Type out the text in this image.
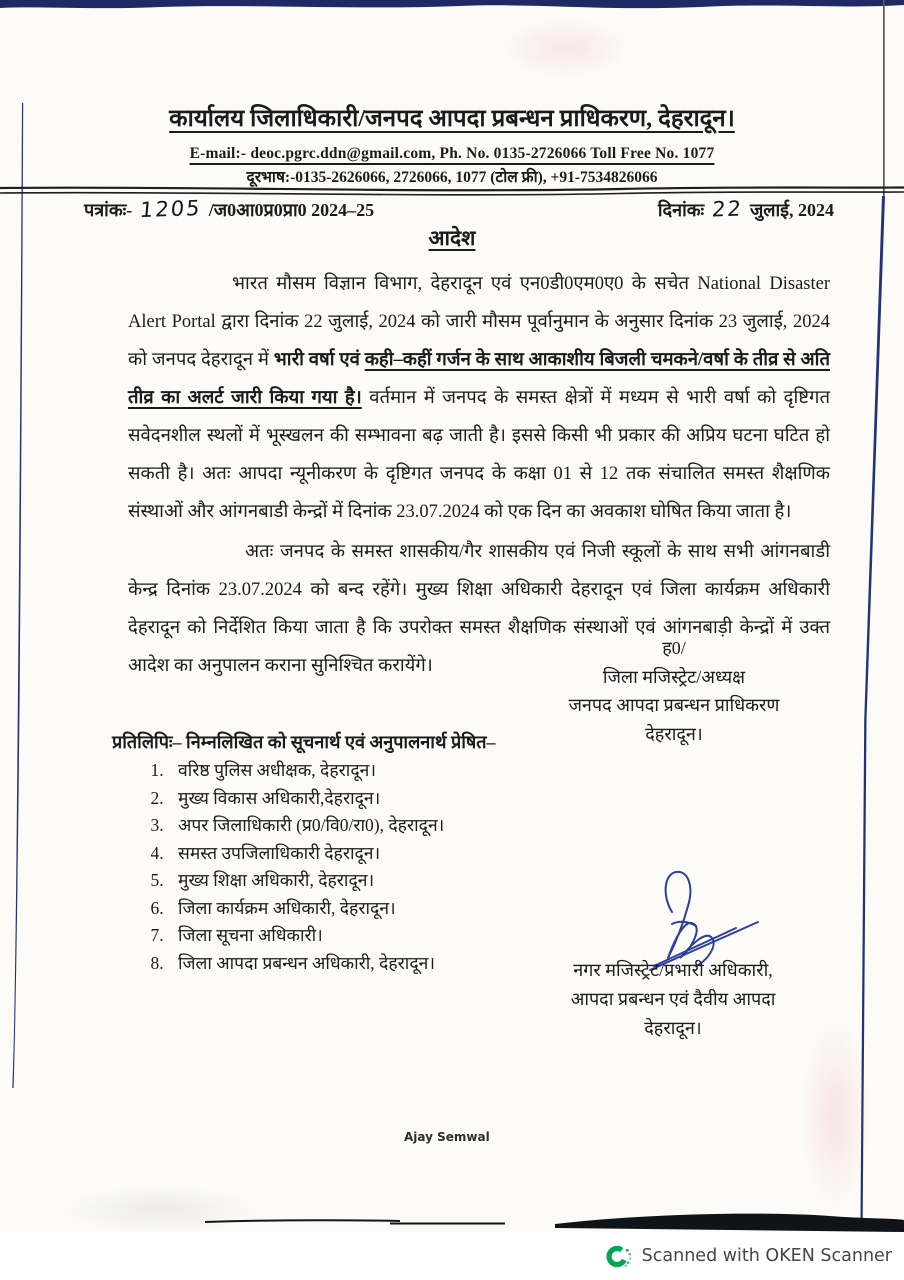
कार्यालय जिलाधिकारी/जनपद आपदा प्रबन्धन प्राधिकरण, देहरादून।
E-mail:- deoc.pgrc.ddn@gmail.com, Ph. No. 0135-2726066 Toll Free No. 1077
दूरभाष:-0135-2626066, 2726066, 1077 (टोल फ्री), +91-7534826066
पत्रांकः- 1205 /ज0आ0प्र0प्रा0 2024–25	दिनांकः 22 जुलाई, 2024
आदेश

भारत मौसम विज्ञान विभाग, देहरादून एवं एन0डी0एम0ए0 के सचेत National Disaster Alert Portal द्वारा दिनांक 22 जुलाई, 2024 को जारी मौसम पूर्वानुमान के अनुसार दिनांक 23 जुलाई, 2024 को जनपद देहरादून में भारी वर्षा एवं कही–कहीं गर्जन के साथ आकाशीय बिजली चमकने/वर्षा के तीव्र से अति तीव्र का अलर्ट जारी किया गया है। वर्तमान में जनपद के समस्त क्षेत्रों में मध्यम से भारी वर्षा को दृष्टिगत सवेदनशील स्थलों में भूस्खलन की सम्भावना बढ़ जाती है। इससे किसी भी प्रकार की अप्रिय घटना घटित हो सकती है। अतः आपदा न्यूनीकरण के दृष्टिगत जनपद के कक्षा 01 से 12 तक संचालित समस्त शैक्षणिक संस्थाओं और आंगनबाडी केन्द्रों में दिनांक 23.07.2024 को एक दिन का अवकाश घोषित किया जाता है।

अतः जनपद के समस्त शासकीय/गैर शासकीय एवं निजी स्कूलों के साथ सभी आंगनबाडी केन्द्र दिनांक 23.07.2024 को बन्द रहेंगे। मुख्य शिक्षा अधिकारी देहरादून एवं जिला कार्यक्रम अधिकारी देहरादून को निर्देशित किया जाता है कि उपरोक्त समस्त शैक्षणिक संस्थाओं एवं आंगनबाड़ी केन्द्रों में उक्त आदेश का अनुपालन कराना सुनिश्चित करायेंगे।

ह0/
जिला मजिस्ट्रेट/अध्यक्ष
जनपद आपदा प्रबन्धन प्राधिकरण
देहरादून।
प्रतिलिपिः– निम्नलिखित को सूचनार्थ एवं अनुपालनार्थ प्रेषित–
1. वरिष्ठ पुलिस अधीक्षक, देहरादून।
2. मुख्य विकास अधिकारी,देहरादून।
3. अपर जिलाधिकारी (प्र0/वि0/रा0), देहरादून।
4. समस्त उपजिलाधिकारी देहरादून।
5. मुख्य शिक्षा अधिकारी, देहरादून।
6. जिला कार्यक्रम अधिकारी, देहरादून।
7. जिला सूचना अधिकारी।
8. जिला आपदा प्रबन्धन अधिकारी, देहरादून।	नगर मजिस्ट्रेट/प्रभारी अधिकारी,
आपदा प्रबन्धन एवं दैवीय आपदा
देहरादून।
Ajay Semwal
Scanned with OKEN Scanner
